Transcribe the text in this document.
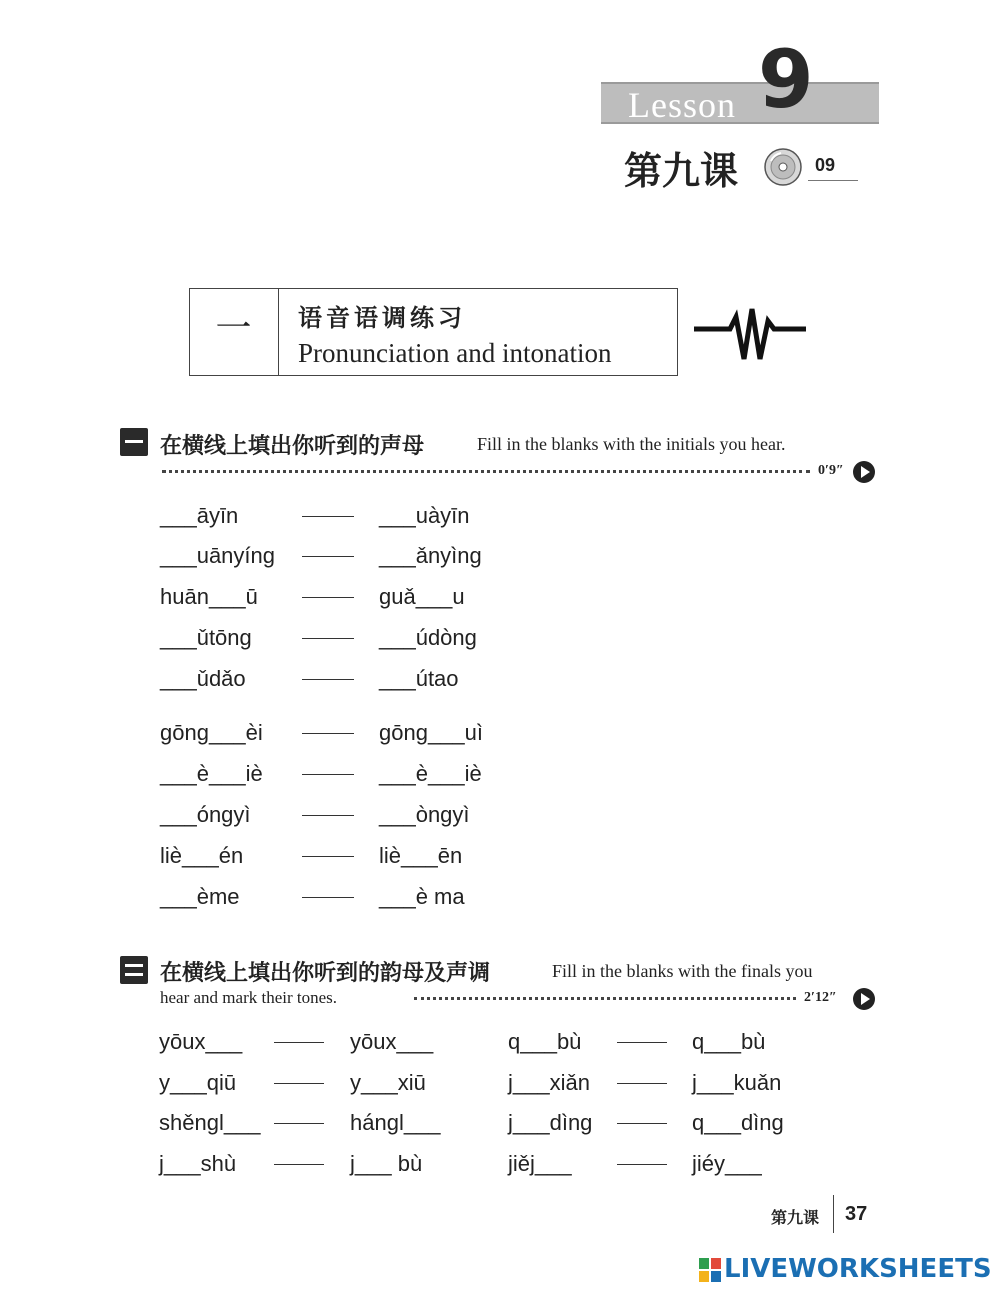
Lesson 9
第九课	09
一	语音语调练习
Pronunciation and intonation
在横线上填出你听到的声母	Fill in the blanks with the initials you hear.
0′9″
___āyīn	___uàyīn
___uānyíng	___ǎnyìng
huān___ū	guǎ___u
___ǔtōng	___údòng
___ǔdǎo	___útao
gōng___èi	gōng___uì
___è___iè	___è___iè
___óngyì	___òngyì
liè___én	liè___ēn
___ème	___è ma
在横线上填出你听到的韵母及声调	Fill in the blanks with the finals you
hear and mark their tones.	2′12″
yōux___	yōux___	q___bù	q___bù
y___qiū	y___xiū	j___xiǎn	j___kuǎn
shěngl___	hángl___	j___dìng	q___dìng
j___shù	j___ bù	jiěj___	jiéy___
第九课 37
LIVEWORKSHEETS
